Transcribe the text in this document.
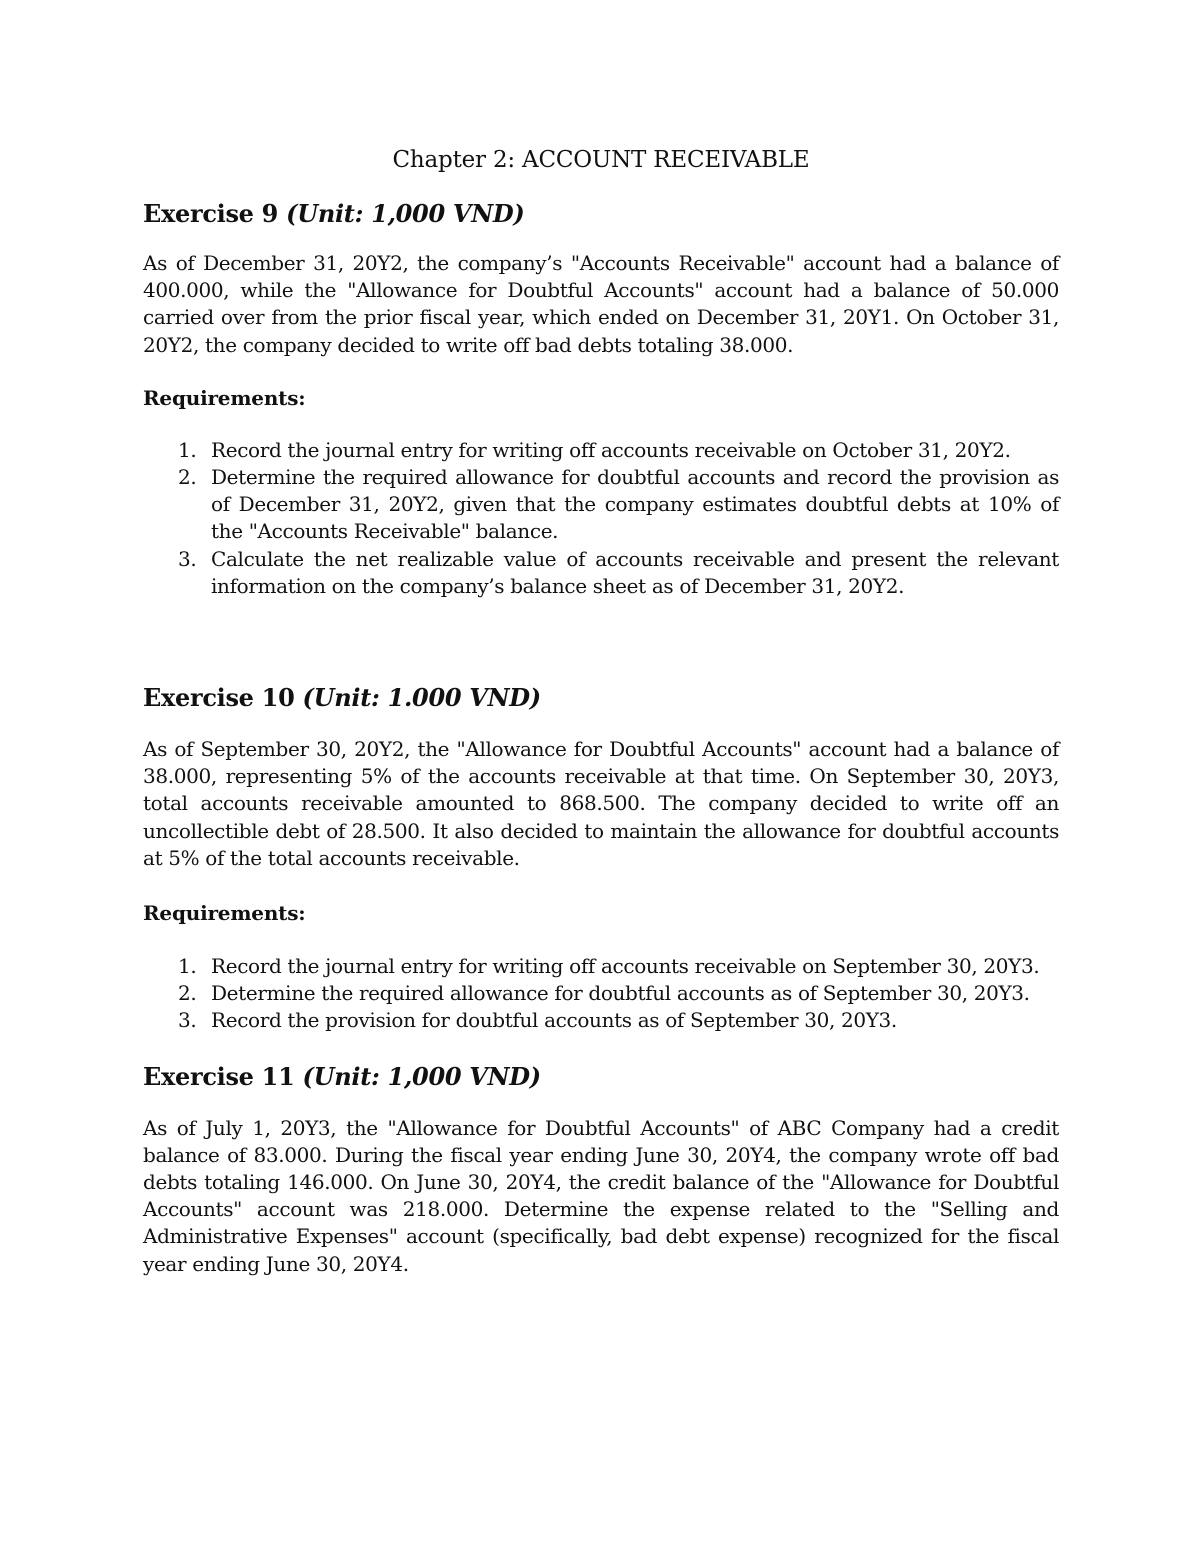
Chapter 2: ACCOUNT RECEIVABLE
Exercise 9 (Unit: 1,000 VND)

As of December 31, 20Y2, the company’s "Accounts Receivable" account had a balance of 400.000, while the "Allowance for Doubtful Accounts" account had a balance of 50.000 carried over from the prior fiscal year, which ended on December 31, 20Y1. On October 31, 20Y2, the company decided to write off bad debts totaling 38.000.

Requirements:

1. Record the journal entry for writing off accounts receivable on October 31, 20Y2.
2. Determine the required allowance for doubtful accounts and record the provision as of December 31, 20Y2, given that the company estimates doubtful debts at 10% of the "Accounts Receivable" balance.
3. Calculate the net realizable value of accounts receivable and present the relevant information on the company’s balance sheet as of December 31, 20Y2.
Exercise 10 (Unit: 1.000 VND)

As of September 30, 20Y2, the "Allowance for Doubtful Accounts" account had a balance of 38.000, representing 5% of the accounts receivable at that time. On September 30, 20Y3, total accounts receivable amounted to 868.500. The company decided to write off an uncollectible debt of 28.500. It also decided to maintain the allowance for doubtful accounts at 5% of the total accounts receivable.

Requirements:

1. Record the journal entry for writing off accounts receivable on September 30, 20Y3.
2. Determine the required allowance for doubtful accounts as of September 30, 20Y3.
3. Record the provision for doubtful accounts as of September 30, 20Y3.
Exercise 11 (Unit: 1,000 VND)

As of July 1, 20Y3, the "Allowance for Doubtful Accounts" of ABC Company had a credit balance of 83.000. During the fiscal year ending June 30, 20Y4, the company wrote off bad debts totaling 146.000. On June 30, 20Y4, the credit balance of the "Allowance for Doubtful Accounts" account was 218.000. Determine the expense related to the "Selling and Administrative Expenses" account (specifically, bad debt expense) recognized for the fiscal year ending June 30, 20Y4.
